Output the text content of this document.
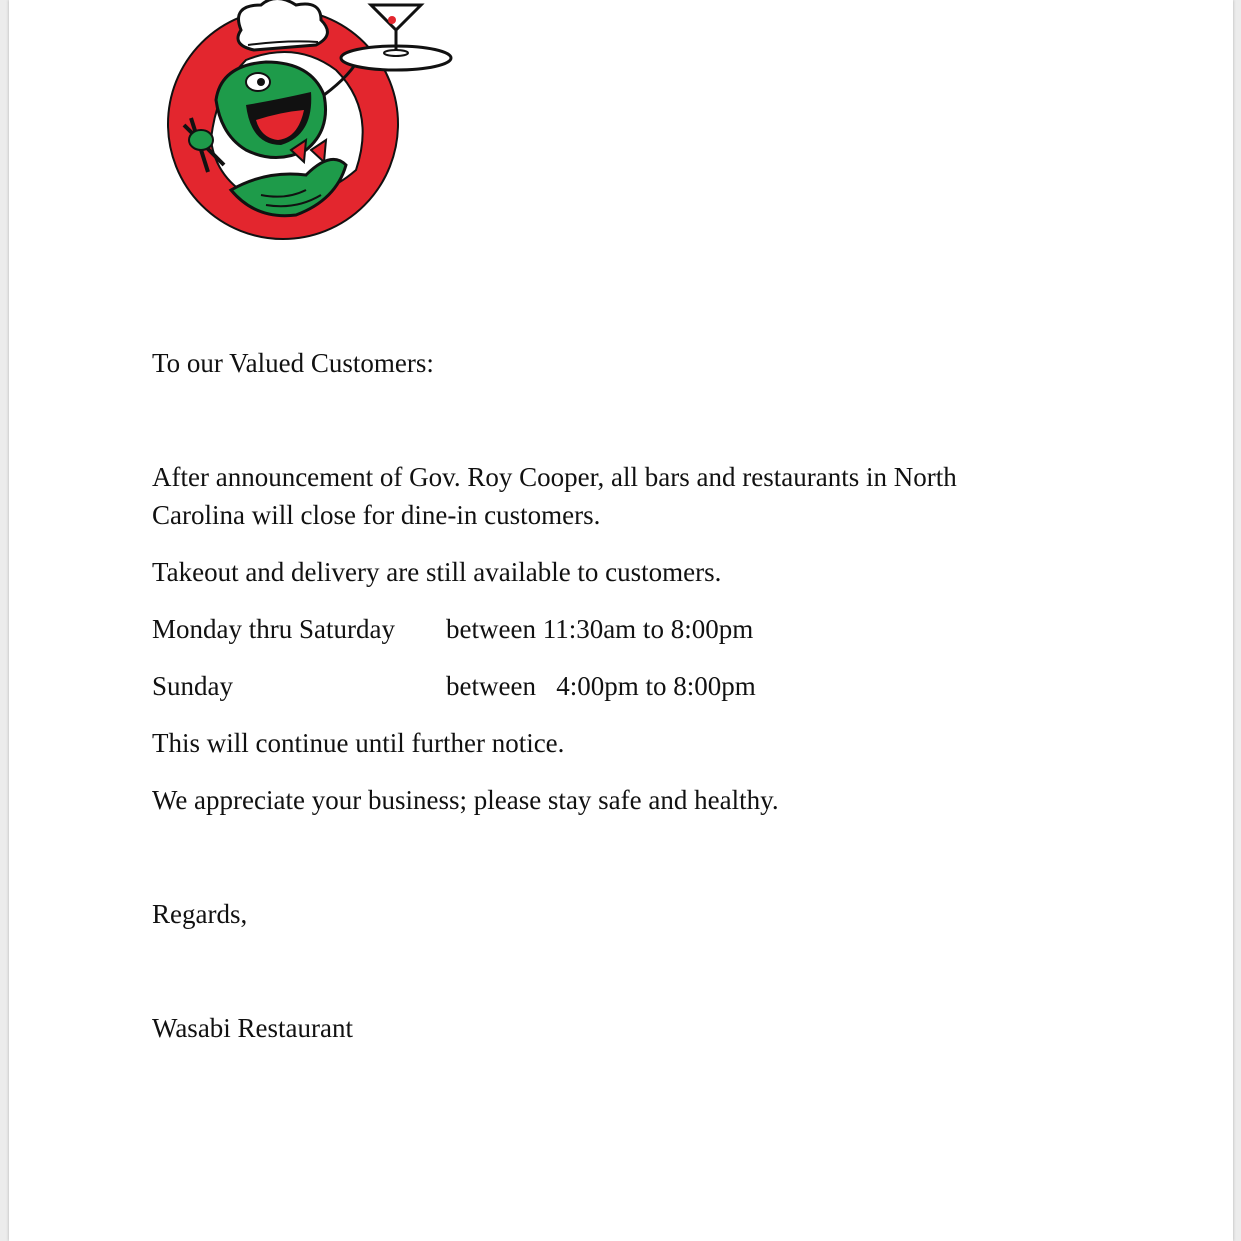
To our Valued Customers:
After announcement of Gov. Roy Cooper, all bars and restaurants in North
Carolina will close for dine-in customers.
Takeout and delivery are still available to customers.
Monday thru Saturday between 11:30am to 8:00pm
Sunday	between   4:00pm to 8:00pm
This will continue until further notice.
We appreciate your business; please stay safe and healthy.
Regards,
Wasabi Restaurant
